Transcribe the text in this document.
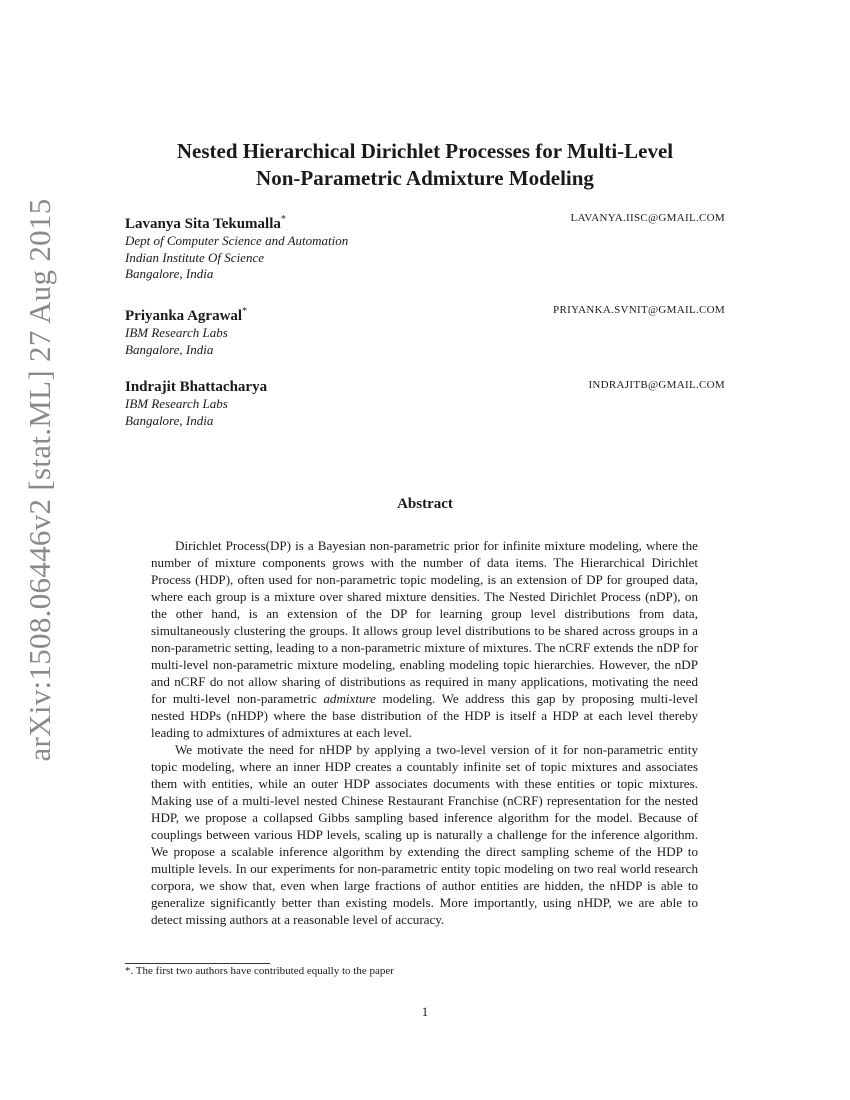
arXiv:1508.06446v2 [stat.ML] 27 Aug 2015
Nested Hierarchical Dirichlet Processes for Multi-Level
Non-Parametric Admixture Modeling
Lavanya Sita Tekumalla*	LAVANYA.IISC@GMAIL.COM
Dept of Computer Science and Automation
Indian Institute Of Science
Bangalore, India
Priyanka Agrawal*	PRIYANKA.SVNIT@GMAIL.COM
IBM Research Labs
Bangalore, India
Indrajit Bhattacharya	INDRAJITB@GMAIL.COM
IBM Research Labs
Bangalore, India
Abstract

Dirichlet Process(DP) is a Bayesian non-parametric prior for infinite mixture modeling, where the number of mixture components grows with the number of data items. The Hierarchical Dirichlet Process (HDP), often used for non-parametric topic modeling, is an extension of DP for grouped data, where each group is a mixture over shared mixture densities. The Nested Dirichlet Process (nDP), on the other hand, is an extension of the DP for learning group level distributions from data, simultaneously clustering the groups. It allows group level distributions to be shared across groups in a non-parametric setting, leading to a non-parametric mixture of mixtures. The nCRF extends the nDP for multi-level non-parametric mixture modeling, enabling modeling topic hierarchies. However, the nDP and nCRF do not allow sharing of distributions as required in many applications, motivating the need for multi-level non-parametric admixture modeling. We address this gap by proposing multi-level nested HDPs (nHDP) where the base distribution of the HDP is itself a HDP at each level thereby leading to admixtures of admixtures at each level.

We motivate the need for nHDP by applying a two-level version of it for non-parametric entity topic modeling, where an inner HDP creates a countably infinite set of topic mixtures and associates them with entities, while an outer HDP associates documents with these entities or topic mixtures. Making use of a multi-level nested Chinese Restaurant Franchise (nCRF) representation for the nested HDP, we propose a collapsed Gibbs sampling based inference algorithm for the model. Because of couplings between various HDP levels, scaling up is naturally a challenge for the inference algorithm. We propose a scalable inference algorithm by extending the direct sampling scheme of the HDP to multiple levels. In our experiments for non-parametric entity topic modeling on two real world research corpora, we show that, even when large fractions of author entities are hidden, the nHDP is able to generalize significantly better than existing models. More importantly, using nHDP, we are able to detect missing authors at a reasonable level of accuracy.

*. The first two authors have contributed equally to the paper
1
